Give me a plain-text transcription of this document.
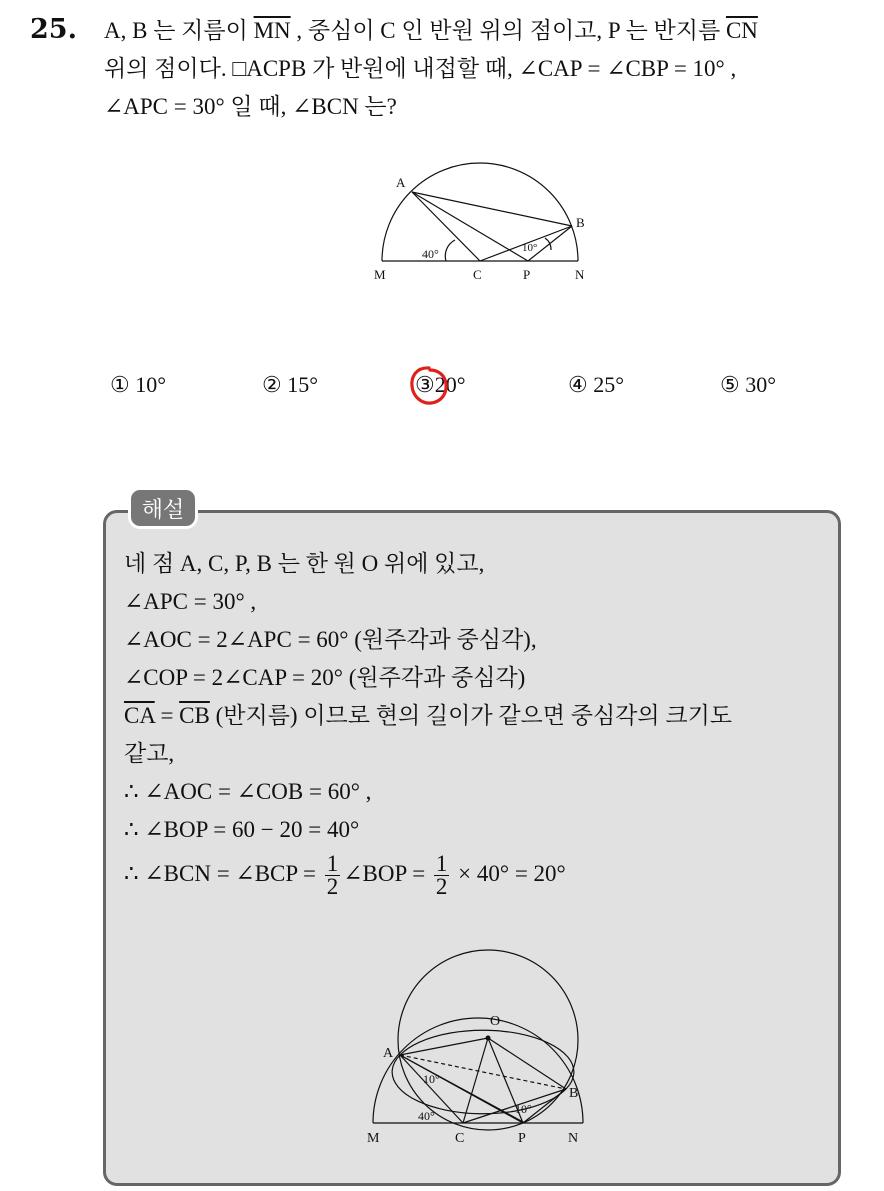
25. A, B 는 지름이 $\overline{MN}$ , 중심이 C 인 반원 위의 점이고, P 는 반지름 $\overline{CN}$
위의 점이다. □ACPB 가 반원에 내접할 때, ∠CAP = ∠CBP = 10° ,
∠APC = 30° 일 때, ∠BCN 는?
A
B
M	C	P	N
40°	10°
① 10°	② 15°	③20°	④ 25°	⑤ 30°
해설
네 점 A, C, P, B 는 한 원 O 위에 있고,
∠APC = 30° ,
∠AOC = 2∠APC = 60° (원주각과 중심각),
∠COP = 2∠CAP = 20° (원주각과 중심각)
$\overline{CA} = \overline{CB}$ (반지름) 이므로 현의 길이가 같으면 중심각의 크기도
같고,
∴ ∠AOC = ∠COB = 60° ,
∴ ∠BOP = 60 − 20 = 40°
∴ ∠BCN = ∠BCP = $\frac{1}{2}$ ∠BOP = $\frac{1}{2} \times 40^\circ = 20^\circ$
O
A
B
M	C	P	N
10°
10°
40°
